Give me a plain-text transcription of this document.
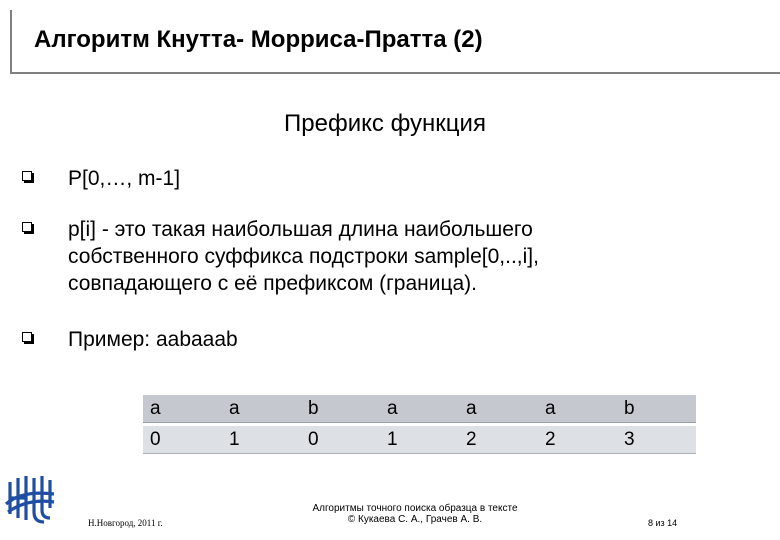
Алгоритм Кнутта- Морриса-Пратта (2)
Префикс функция
P[0,…, m-1]
p[i] - это такая наибольшая длина наибольшего
собственного суффикса подстроки sample[0,..,i],
совпадающего с её префиксом (граница).
Пример: aabaaab
a	a	b	a	a	a	b
0	1	0	1	2	2	3
Н.Новгород, 2011 г.
Алгоритмы точного поиска образца в тексте
© Кукаева С. А., Грачев А. В.	8 из 14
